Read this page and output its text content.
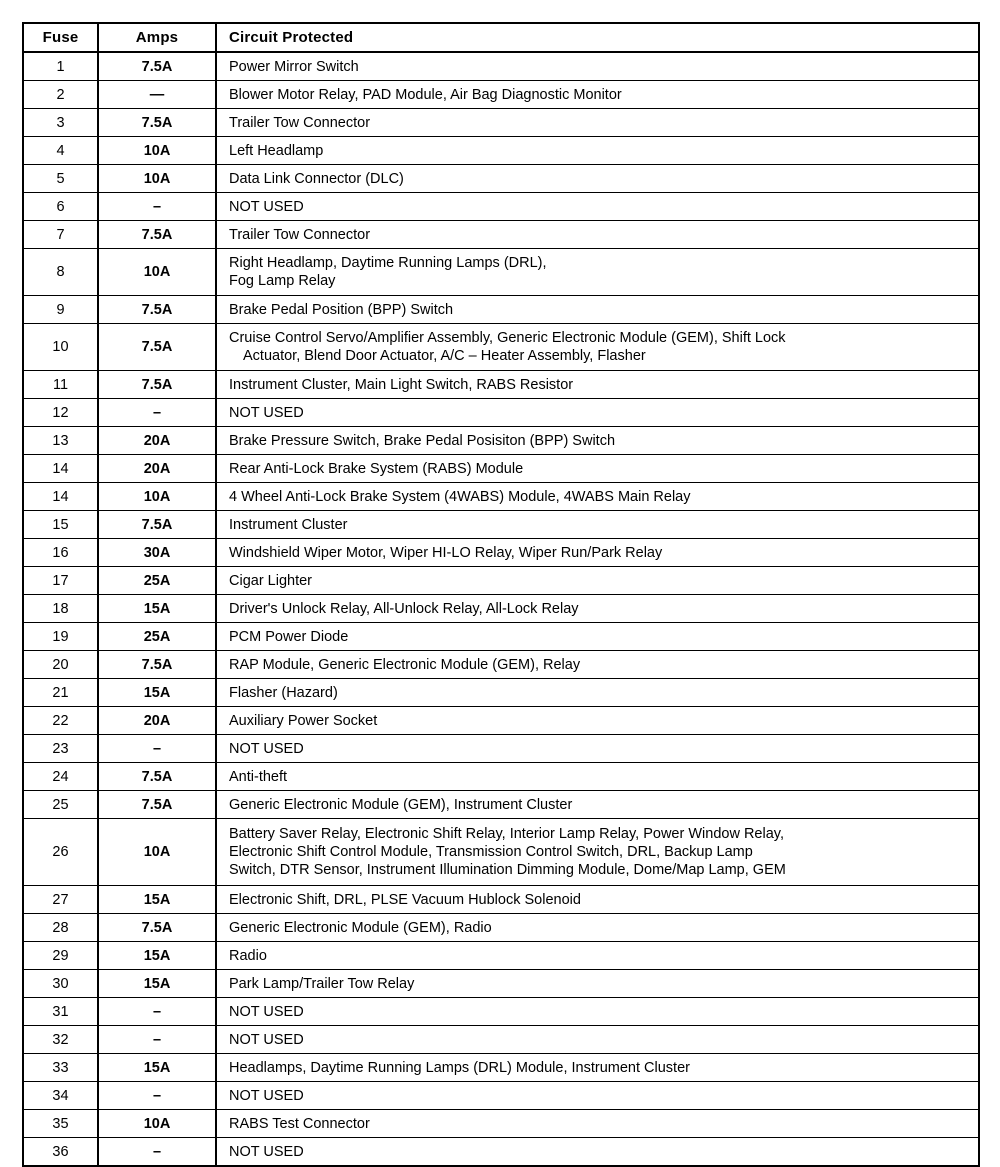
Fuse	Amps	Circuit Protected
1	7.5A	Power Mirror Switch

2	—	Blower Motor Relay, PAD Module, Air Bag Diagnostic Monitor

3	7.5A	Trailer Tow Connector

4	10A	Left Headlamp

5	10A	Data Link Connector (DLC)

6	–	NOT USED

7	7.5A	Trailer Tow Connector

8	10A	Right Headlamp, Daytime Running Lamps (DRL),
Fog Lamp Relay

9	7.5A	Brake Pedal Position (BPP) Switch

10	7.5A	Cruise Control Servo/Amplifier Assembly, Generic Electronic Module (GEM), Shift Lock
Actuator, Blend Door Actuator, A/C – Heater Assembly, Flasher

11	7.5A	Instrument Cluster, Main Light Switch, RABS Resistor

12	–	NOT USED

13	20A	Brake Pressure Switch, Brake Pedal Posisiton (BPP) Switch

14	20A	Rear Anti-Lock Brake System (RABS) Module

14	10A	4 Wheel Anti-Lock Brake System (4WABS) Module, 4WABS Main Relay

15	7.5A	Instrument Cluster

16	30A	Windshield Wiper Motor, Wiper HI-LO Relay, Wiper Run/Park Relay

17	25A	Cigar Lighter

18	15A	Driver's Unlock Relay, All-Unlock Relay, All-Lock Relay

19	25A	PCM Power Diode

20	7.5A	RAP Module, Generic Electronic Module (GEM), Relay

21	15A	Flasher (Hazard)

22	20A	Auxiliary Power Socket

23	–	NOT USED

24	7.5A	Anti-theft

25	7.5A	Generic Electronic Module (GEM), Instrument Cluster

26	10A	Battery Saver Relay, Electronic Shift Relay, Interior Lamp Relay, Power Window Relay,
Electronic Shift Control Module, Transmission Control Switch, DRL, Backup Lamp
Switch, DTR Sensor, Instrument Illumination Dimming Module, Dome/Map Lamp, GEM

27	15A	Electronic Shift, DRL, PLSE Vacuum Hublock Solenoid

28	7.5A	Generic Electronic Module (GEM), Radio

29	15A	Radio

30	15A	Park Lamp/Trailer Tow Relay

31	–	NOT USED

32	–	NOT USED

33	15A	Headlamps, Daytime Running Lamps (DRL) Module, Instrument Cluster

34	–	NOT USED

35	10A	RABS Test Connector

36	–	NOT USED
